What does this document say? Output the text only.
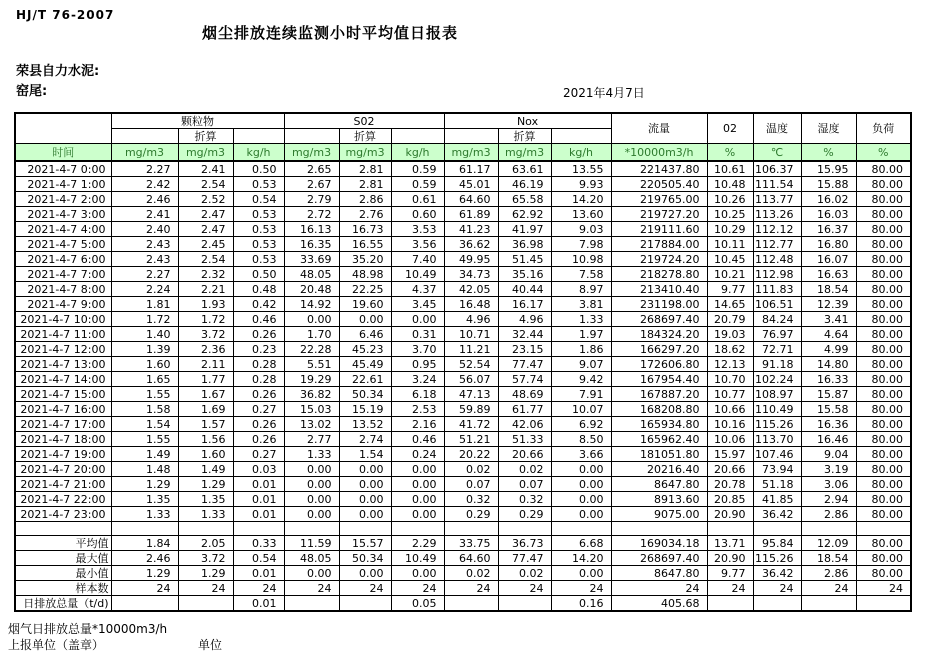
HJ/T 76-2007
烟尘排放连续监测小时平均值日报表
荣县自力水泥:
窑尾:	2021年4月7日
	颗粒物			S02			Nox			流量	02	温度	湿度	负荷
		折算			折算			折算						
时间	mg/m3	mg/m3	kg/h	mg/m3	mg/m3	kg/h	mg/m3	mg/m3	kg/h	*10000m3/h	%	℃	%	%
2021-4-7 0:00	2.27	2.41	0.50	2.65	2.81	0.59	61.17	63.61	13.55	221437.80	10.61	106.37	15.95	80.00
2021-4-7 1:00	2.42	2.54	0.53	2.67	2.81	0.59	45.01	46.19	9.93	220505.40	10.48	111.54	15.88	80.00
2021-4-7 2:00	2.46	2.52	0.54	2.79	2.86	0.61	64.60	65.58	14.20	219765.00	10.26	113.77	16.02	80.00
2021-4-7 3:00	2.41	2.47	0.53	2.72	2.76	0.60	61.89	62.92	13.60	219727.20	10.25	113.26	16.03	80.00
2021-4-7 4:00	2.40	2.47	0.53	16.13	16.73	3.53	41.23	41.97	9.03	219111.60	10.29	112.12	16.37	80.00
2021-4-7 5:00	2.43	2.45	0.53	16.35	16.55	3.56	36.62	36.98	7.98	217884.00	10.11	112.77	16.80	80.00
2021-4-7 6:00	2.43	2.54	0.53	33.69	35.20	7.40	49.95	51.45	10.98	219724.20	10.45	112.48	16.07	80.00
2021-4-7 7:00	2.27	2.32	0.50	48.05	48.98	10.49	34.73	35.16	7.58	218278.80	10.21	112.98	16.63	80.00
2021-4-7 8:00	2.24	2.21	0.48	20.48	22.25	4.37	42.05	40.44	8.97	213410.40	9.77	111.83	18.54	80.00
2021-4-7 9:00	1.81	1.93	0.42	14.92	19.60	3.45	16.48	16.17	3.81	231198.00	14.65	106.51	12.39	80.00
2021-4-7 10:00	1.72	1.72	0.46	0.00	0.00	0.00	4.96	4.96	1.33	268697.40	20.79	84.24	3.41	80.00
2021-4-7 11:00	1.40	3.72	0.26	1.70	6.46	0.31	10.71	32.44	1.97	184324.20	19.03	76.97	4.64	80.00
2021-4-7 12:00	1.39	2.36	0.23	22.28	45.23	3.70	11.21	23.15	1.86	166297.20	18.62	72.71	4.99	80.00
2021-4-7 13:00	1.60	2.11	0.28	5.51	45.49	0.95	52.54	77.47	9.07	172606.80	12.13	91.18	14.80	80.00
2021-4-7 14:00	1.65	1.77	0.28	19.29	22.61	3.24	56.07	57.74	9.42	167954.40	10.70	102.24	16.33	80.00
2021-4-7 15:00	1.55	1.67	0.26	36.82	50.34	6.18	47.13	48.69	7.91	167887.20	10.77	108.97	15.87	80.00
2021-4-7 16:00	1.58	1.69	0.27	15.03	15.19	2.53	59.89	61.77	10.07	168208.80	10.66	110.49	15.58	80.00
2021-4-7 17:00	1.54	1.57	0.26	13.02	13.52	2.16	41.72	42.06	6.92	165934.80	10.16	115.26	16.36	80.00
2021-4-7 18:00	1.55	1.56	0.26	2.77	2.74	0.46	51.21	51.33	8.50	165962.40	10.06	113.70	16.46	80.00
2021-4-7 19:00	1.49	1.60	0.27	1.33	1.54	0.24	20.22	20.66	3.66	181051.80	15.97	107.46	9.04	80.00
2021-4-7 20:00	1.48	1.49	0.03	0.00	0.00	0.00	0.02	0.02	0.00	20216.40	20.66	73.94	3.19	80.00
2021-4-7 21:00	1.29	1.29	0.01	0.00	0.00	0.00	0.07	0.07	0.00	8647.80	20.78	51.18	3.06	80.00
2021-4-7 22:00	1.35	1.35	0.01	0.00	0.00	0.00	0.32	0.32	0.00	8913.60	20.85	41.85	2.94	80.00
2021-4-7 23:00	1.33	1.33	0.01	0.00	0.00	0.00	0.29	0.29	0.00	9075.00	20.90	36.42	2.86	80.00

平均值	1.84	2.05	0.33	11.59	15.57	2.29	33.75	36.73	6.68	169034.18	13.71	95.84	12.09	80.00
最大值	2.46	3.72	0.54	48.05	50.34	10.49	64.60	77.47	14.20	268697.40	20.90	115.26	18.54	80.00
最小值	1.29	1.29	0.01	0.00	0.00	0.00	0.02	0.02	0.00	8647.80	9.77	36.42	2.86	80.00
样本数	24	24	24	24	24	24	24	24	24	24	24	24	24	24
日排放总量（t/d)			0.01			0.05			0.16	405.68				
烟气日排放总量*10000m3/h
上报单位（盖章）	单位
